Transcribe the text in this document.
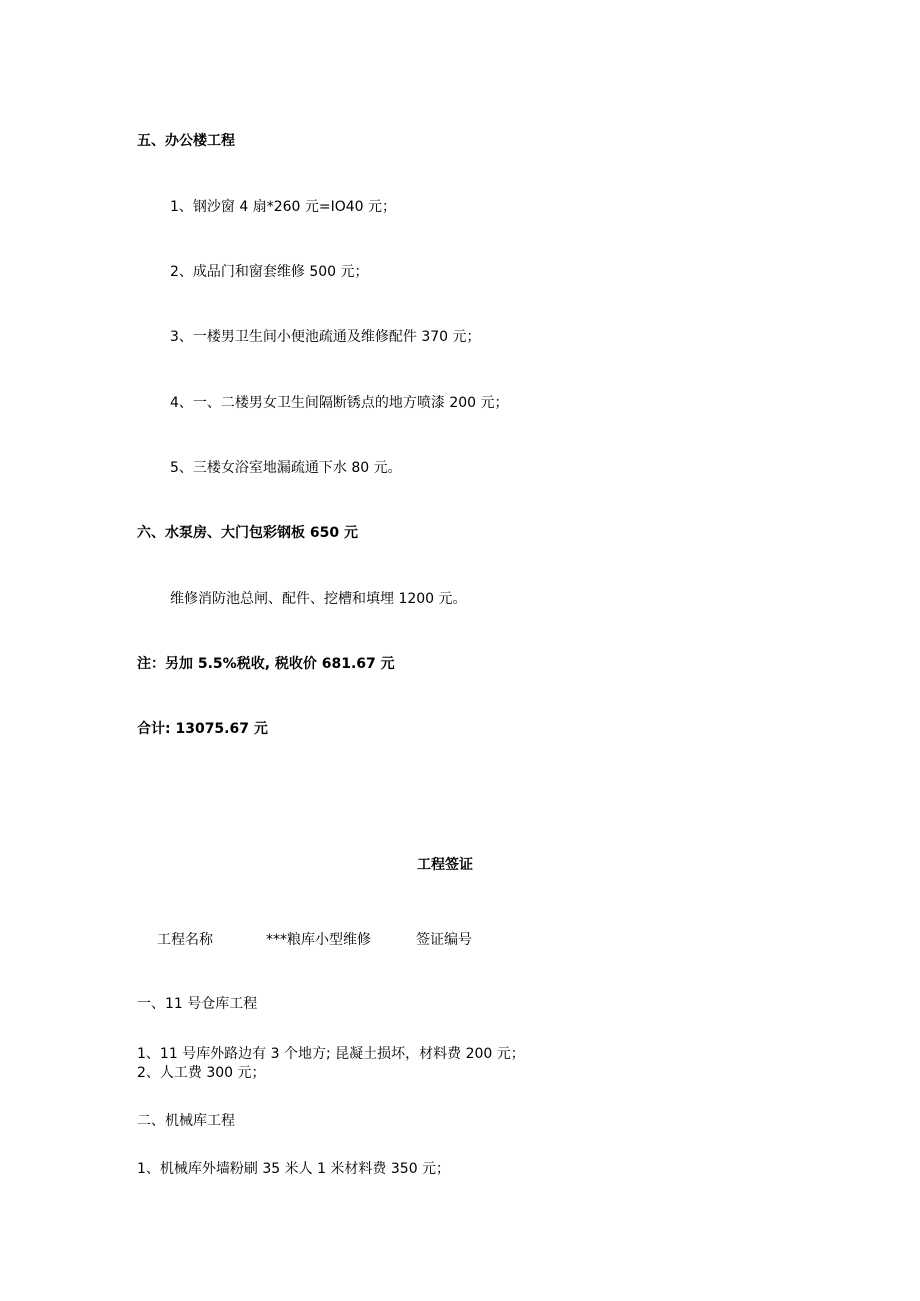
五、办公楼工程
1、钢沙窗 4 扇*260 元=IO40 元；
2、成品门和窗套维修 500 元；
3、一楼男卫生间小便池疏通及维修配件 370 元；
4、一、二楼男女卫生间隔断锈点的地方喷漆 200 元；
5、三楼女浴室地漏疏通下水 80 元。
六、水泵房、大门包彩钢板 650 元
维修消防池总闸、配件、挖槽和填埋 1200 元。
注：另加 5.5%税收, 税收价 681.67 元
合计: 13075.67 元
工程签证
工程名称	***粮库小型维修	签证编号
一、11 号仓库工程
1、11 号库外路边有 3 个地方; 昆凝土损坏，材料费 200 元；
2、人工费 300 元；
二、机械库工程
1、机械库外墙粉刷 35 米人 1 米材料费 350 元；
